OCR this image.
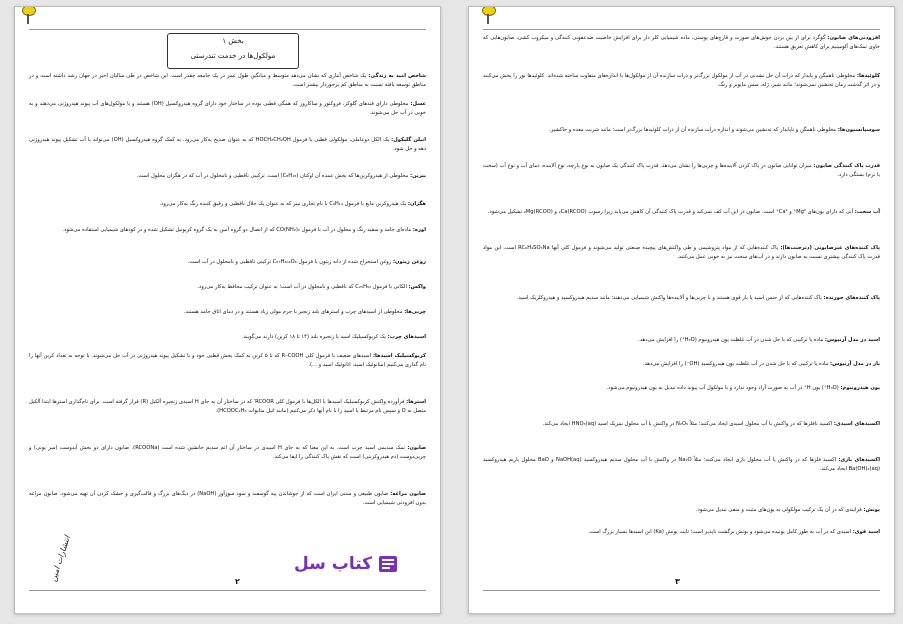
بخش ۱
مولکول‌ها در خدمت تندرستی
شاخص امید به زندگی: یک شاخص آماری که نشان می‌دهد متوسط و میانگین طول عمر در یک جامعه چقدر است. این شاخص در طی سالیان اخیر در جهان رشد داشته است و در مناطق توسعه یافته نسبت به مناطق کم برخوردار بیشتر است.
عسل: مخلوطی دارای قندهای گلوکز، فروکتوز و ساکاروز که همگی قطبی بوده در ساختار خود دارای گروه هیدروکسیل (OH) هستند و با مولکول‌های آب پیوند هیدروژنی می‌دهند و به خوبی در آب حل می‌شوند.
اتیلن گلیکول: یک الکل دوعاملی، مولکولی قطبی با فرمول HOCH₂CH₂OH که به عنوان ضدیخ به‌کار می‌رود. به کمک گروه هیدروکسیل (OH) می‌تواند با آب تشکیل پیوند هیدروژنی دهد و حل شود.
بنزین: مخلوطی از هیدروکربن‌ها که بخش عمده آن اوکتان (C₈H₁₈) است. ترکیبی ناقطبی و نامحلول در آب که در هگزان محلول است.
هگزان: یک هیدروکربن مایع با فرمول C₆H₁₄ با نام تجاری تینر که به عنوان یک حلال ناقطبی و رقیق کننده رنگ به‌کار می‌رود.
اوره: ماده‌ای جامد و سفید رنگ و محلول در آب با فرمول CO(NH₂)₂ که از اتصال دو گروه آمین به یک گروه کربونیل تشکیل شده و در کودهای شیمیایی استفاده می‌شود.
روغن زیتون: روغن استخراج شده از دانه زیتون با فرمول C₅₇H₁₀₄O₆ ترکیبی ناقطبی و نامحلول در آب است.
واکس: الکانی با فرمول C₂₅H₅₂ که ناقطبی و نامحلول در آب است؛ به عنوان ترکیب محافظ به‌کار می‌رود.
چربی‌ها: مخلوطی از اسیدهای چرب و استرهای بلند زنجیر با جرم مولی زیاد هستند و در دمای اتاق جامد هستند.
اسیدهای چرب: یک کربوکسیلیک اسید با زنجیره بلند (۱۴ تا ۱۸ کربن) دارند می‌گویند.
کربوکسیلیک اسیدها: اسیدهای ضعیف با فرمول کلی R–COOH که تا ۵ کربن به کمک بخش قطبی خود و با تشکیل پیوند هیدروژنی در آب حل می‌شوند. با توجه به تعداد کربن آنها را نام گذاری می‌کنیم (متانوئیک اسید، اتانوئیک اسید و ...).
استرها: فرآورده واکنش کربوکسیلیک اسیدها با الکل‌ها با فرمول کلی RCOOR′ که در ساختار آن به جای H اسیدی زنجیره آلکیل (R) قرار گرفته است. برای نام‌گذاری استرها ابتدا آلکیل متصل به O و سپس نام مرتبط با اسید را با نام آنها ذکر می‌کنیم (مانند اتیل متانوات HCOOC₂H₅).
صابون: نمک سدیمی اسید چرب است. به این معنا که به جای H اسیدی در ساختار آن اتم سدیم جانشین شده است (RCOONa). صابون دارای دو بخش آبدوست (سر یونی) و چربی‌دوست (دم هیدروکربنی) است که نقش پاک کنندگی را ایفا می‌کند.
صابون مراغه: صابون طبیعی و سنتی ایران است که از جوشاندن پیه گوسفند و سود سوزآور (NaOH) در دیگ‌های بزرگ و قالب‌گیری و خشک کردن آن تهیه می‌شود. صابون مراغه بدون افزودنی شیمیایی است.
کتاب سل
۲
انتشارات امین
افزودنی‌های صابون: گوگرد برای از بین بردن جوش‌های صورت و قارچ‌های پوستی، ماده شیمیایی کلر دار برای افزایش خاصیت ضدعفونی کنندگی و میکروب کشی، صابون‌هایی که حاوی نمک‌های آلومینیم برای کاهش تعریق هستند.
کلوئیدها: مخلوطی ناهمگن و پایدار که ذرات آن حل نشدنی در آب از مولکول بزرگ‌تر و ذرات سازنده آن از مولکول‌ها با اندازه‌های متفاوت ساخته شده‌اند. کلوئیدها نور را پخش می‌کنند و در اثر گذشت زمان ته‌نشین نمی‌شوند؛ مانند شیر، ژله، سس مایونز و رنگ.
سوسپانسیون‌ها: مخلوطی ناهمگن و ناپایدار که ته‌نشین می‌شوند و اندازه ذرات سازنده آن از ذرات کلوئیدها بزرگ‌تر است؛ مانند شربت معده و خاکشیر.
قدرت پاک کنندگی صابون: میزان توانایی صابون در پاک کردن آلاینده‌ها و چربی‌ها را نشان می‌دهد. قدرت پاک کنندگی یک صابون به نوع پارچه، نوع آلاینده، دمای آب و نوع آب (سخت یا نرم) بستگی دارد.
آب سخت: آبی که دارای یون‌های Mg²⁺ و Ca²⁺ است. صابون در این آب کف نمی‌کند و قدرت پاک کنندگی آن کاهش می‌یابد زیرا رسوب (RCOO)₂Ca و (RCOO)₂Mg تشکیل می‌شود.
پاک کننده‌های غیرصابونی (دترجنت‌ها): پاک کننده‌هایی که از مواد پتروشیمی و طی واکنش‌های پیچیده صنعتی تولید می‌شوند و فرمول کلی آنها RC₆H₄SO₃Na است. این مواد قدرت پاک کنندگی بیشتری نسبت به صابون دارند و در آب‌های سخت نیز به خوبی عمل می‌کنند.
پاک کننده‌های خورنده: پاک کننده‌هایی که از جنس اسید یا باز قوی هستند و با چربی‌ها و آلاینده‌ها واکنش شیمیایی می‌دهند؛ مانند سدیم هیدروکسید و هیدروکلریک اسید.
اسید در مدل آرنیوس: ماده یا ترکیبی که با حل شدن در آب غلظت یون هیدرونیوم (H₃O⁺) را افزایش می‌دهد.
باز در مدل آرنیوس: ماده یا ترکیبی که با حل شدن در آب غلظت یون هیدروکسید (OH⁻) را افزایش می‌دهد.
یون هیدرونیوم: (H₃O⁺) یون H⁺ در آب به صورت آزاد وجود ندارد و با مولکول آب پیوند داده تبدیل به یون هیدرونیوم می‌شود.
اکسیدهای اسیدی: اکسید نافلزها که در واکنش با آب محلول اسیدی ایجاد می‌کنند؛ مثلاً N₂O₅ در واکنش با آب محلول نیتریک اسید HNO₃(aq) ایجاد می‌کند.
اکسیدهای بازی: اکسید فلزها که در واکنش با آب محلول بازی ایجاد می‌کنند؛ مثلاً Na₂O در واکنش با آب محلول سدیم هیدروکسید NaOH(aq) و BaO محلول باریم هیدروکسید Ba(OH)₂(aq) ایجاد می‌کند.
یونش: فرایندی که در آن یک ترکیب مولکولی به یون‌های مثبت و منفی تبدیل می‌شود.
اسید قوی: اسیدی که در آب به طور کامل یونیده می‌شود و یونش برگشت ناپذیر است؛ ثابت یونش (Ka) این اسیدها بسیار بزرگ است.
۳
